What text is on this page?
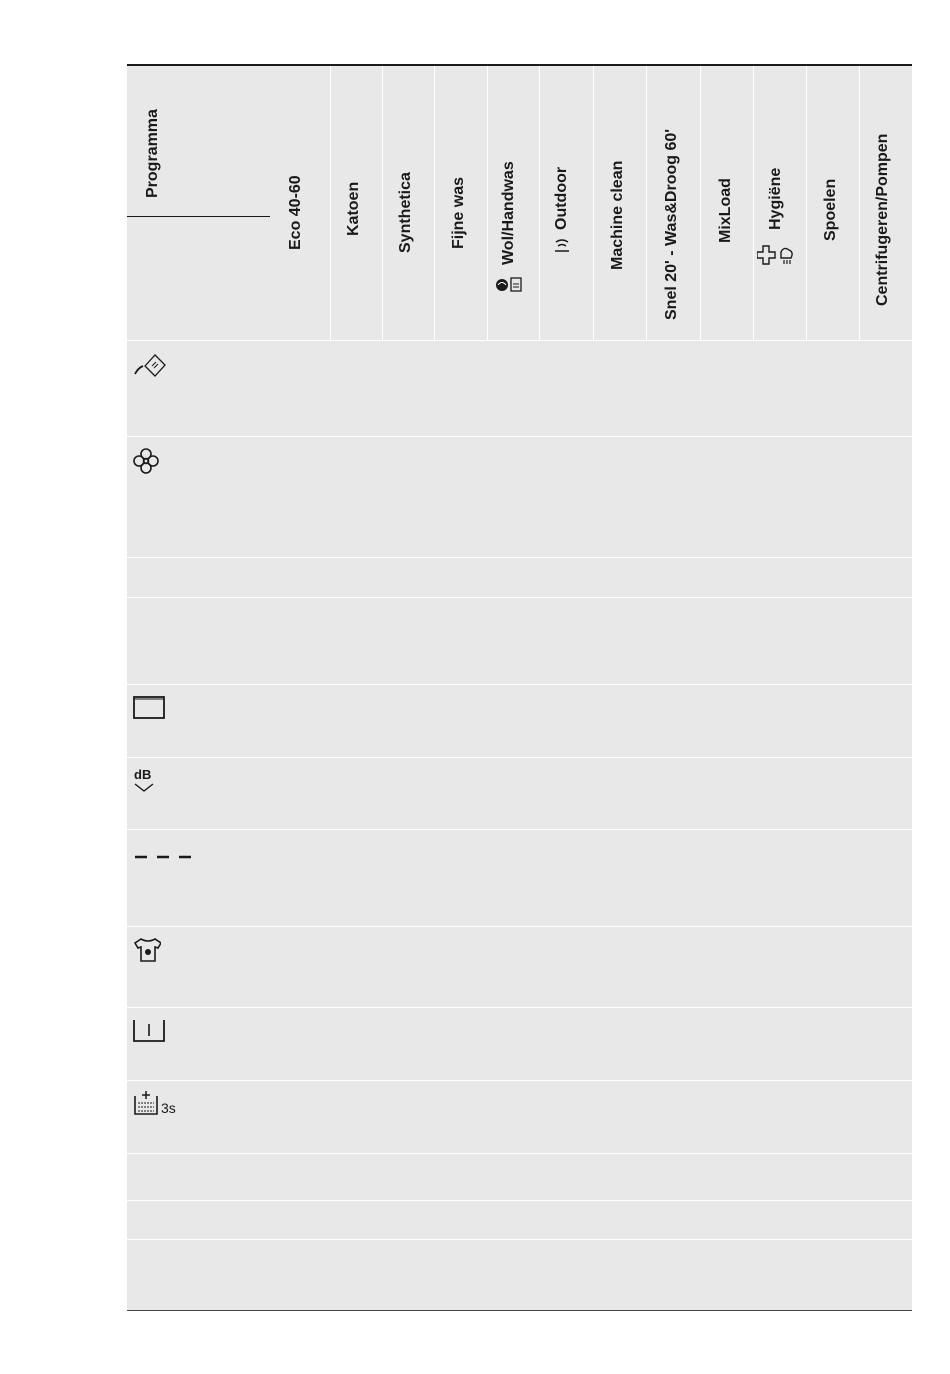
Programma
Eco 40-60	Katoen Synthetica Fijne was Wol/Handwas Outdoor Machine clean Snel 20' - Was&Droog 60' MixLoad Hygiëne Spoelen Centrifugeren/Pompen
dB
3s
